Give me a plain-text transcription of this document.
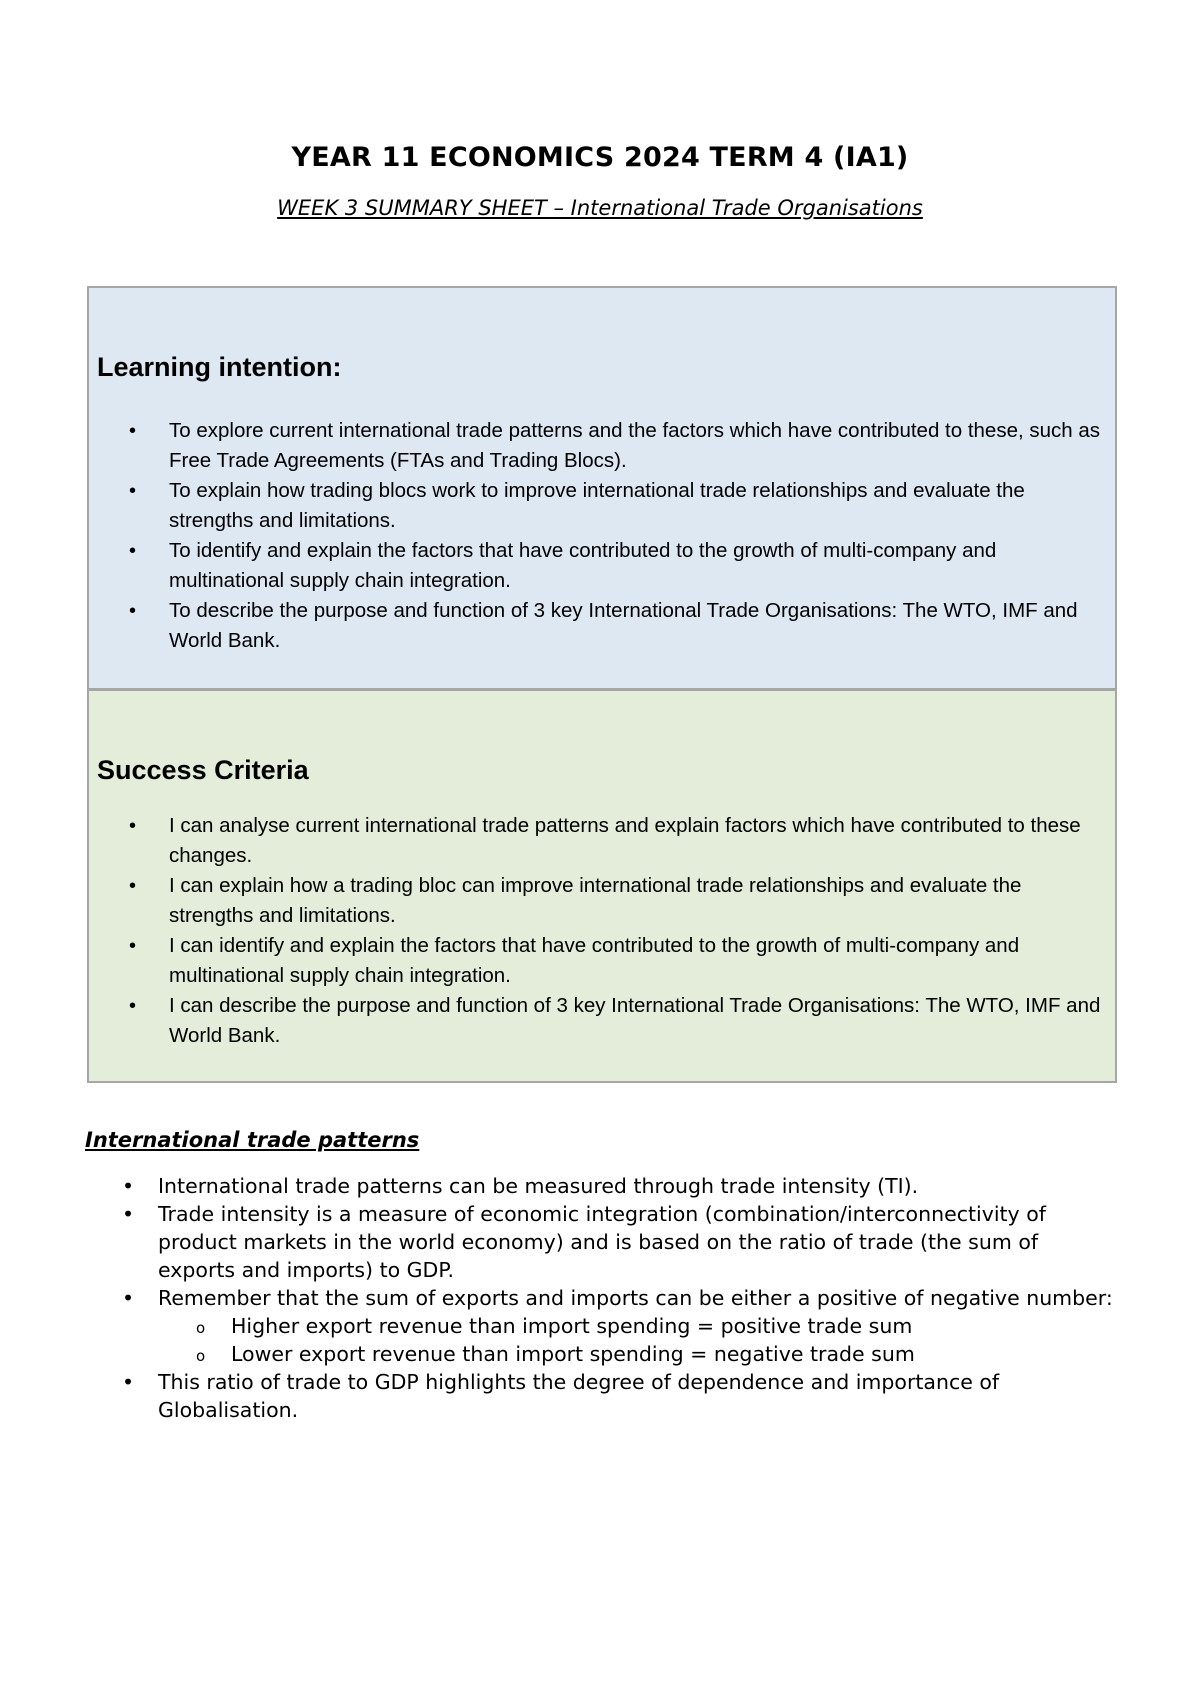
YEAR 11 ECONOMICS 2024 TERM 4 (IA1)

WEEK 3 SUMMARY SHEET – International Trade Organisations

Learning intention:
• To explore current international trade patterns and the factors which have contributed to these, such as Free Trade Agreements (FTAs and Trading Blocs).
• To explain how trading blocs work to improve international trade relationships and evaluate the strengths and limitations.
• To identify and explain the factors that have contributed to the growth of multi-company and multinational supply chain integration.
• To describe the purpose and function of 3 key International Trade Organisations: The WTO, IMF and World Bank.
Success Criteria
• I can analyse current international trade patterns and explain factors which have contributed to these changes.
• I can explain how a trading bloc can improve international trade relationships and evaluate the strengths and limitations.
• I can identify and explain the factors that have contributed to the growth of multi-company and multinational supply chain integration.
• I can describe the purpose and function of 3 key International Trade Organisations: The WTO, IMF and World Bank.
International trade patterns
• International trade patterns can be measured through trade intensity (TI).
• Trade intensity is a measure of economic integration (combination/interconnectivity of product markets in the world economy) and is based on the ratio of trade (the sum of exports and imports) to GDP.
• Remember that the sum of exports and imports can be either a positive of negative number:
o Higher export revenue than import spending = positive trade sum
o Lower export revenue than import spending = negative trade sum
• This ratio of trade to GDP highlights the degree of dependence and importance of Globalisation.
